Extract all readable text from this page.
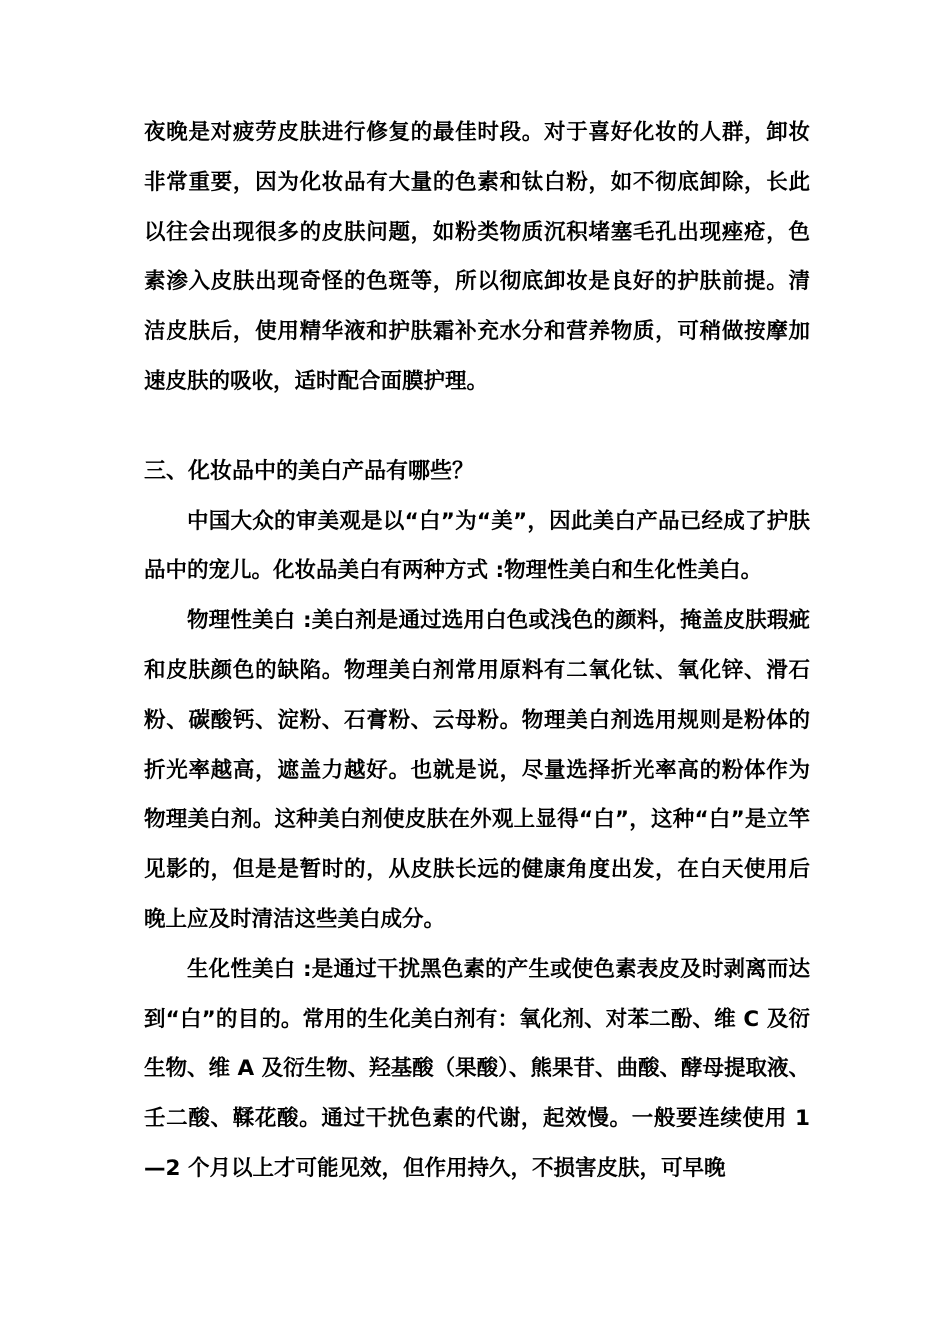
夜晚是对疲劳皮肤进行修复的最佳时段。对于喜好化妆的人群，卸妆非常重要，因为化妆品有大量的色素和钛白粉，如不彻底卸除，长此以往会出现很多的皮肤问题，如粉类物质沉积堵塞毛孔出现痤疮，色素渗入皮肤出现奇怪的色斑等，所以彻底卸妆是良好的护肤前提。清洁皮肤后，使用精华液和护肤霜补充水分和营养物质，可稍做按摩加速皮肤的吸收，适时配合面膜护理。

三、化妆品中的美白产品有哪些？

中国大众的审美观是以“白”为“美”，因此美白产品已经成了护肤品中的宠儿。化妆品美白有两种方式 :物理性美白和生化性美白。

物理性美白 :美白剂是通过选用白色或浅色的颜料，掩盖皮肤瑕疵和皮肤颜色的缺陷。物理美白剂常用原料有二氧化钛、氧化锌、滑石粉、碳酸钙、淀粉、石膏粉、云母粉。物理美白剂选用规则是粉体的折光率越高，遮盖力越好。也就是说，尽量选择折光率高的粉体作为物理美白剂。这种美白剂使皮肤在外观上显得“白”，这种“白”是立竿见影的，但是是暂时的，从皮肤长远的健康角度出发，在白天使用后晚上应及时清洁这些美白成分。

生化性美白 :是通过干扰黑色素的产生或使色素表皮及时剥离而达到“白”的目的。常用的生化美白剂有：氧化剂、对苯二酚、维 C 及衍生物、维 A 及衍生物、羟基酸（果酸）、熊果苷、曲酸、酵母提取液、壬二酸、鞣花酸。通过干扰色素的代谢，起效慢。一般要连续使用 1—2 个月以上才可能见效，但作用持久，不损害皮肤，可早晚
